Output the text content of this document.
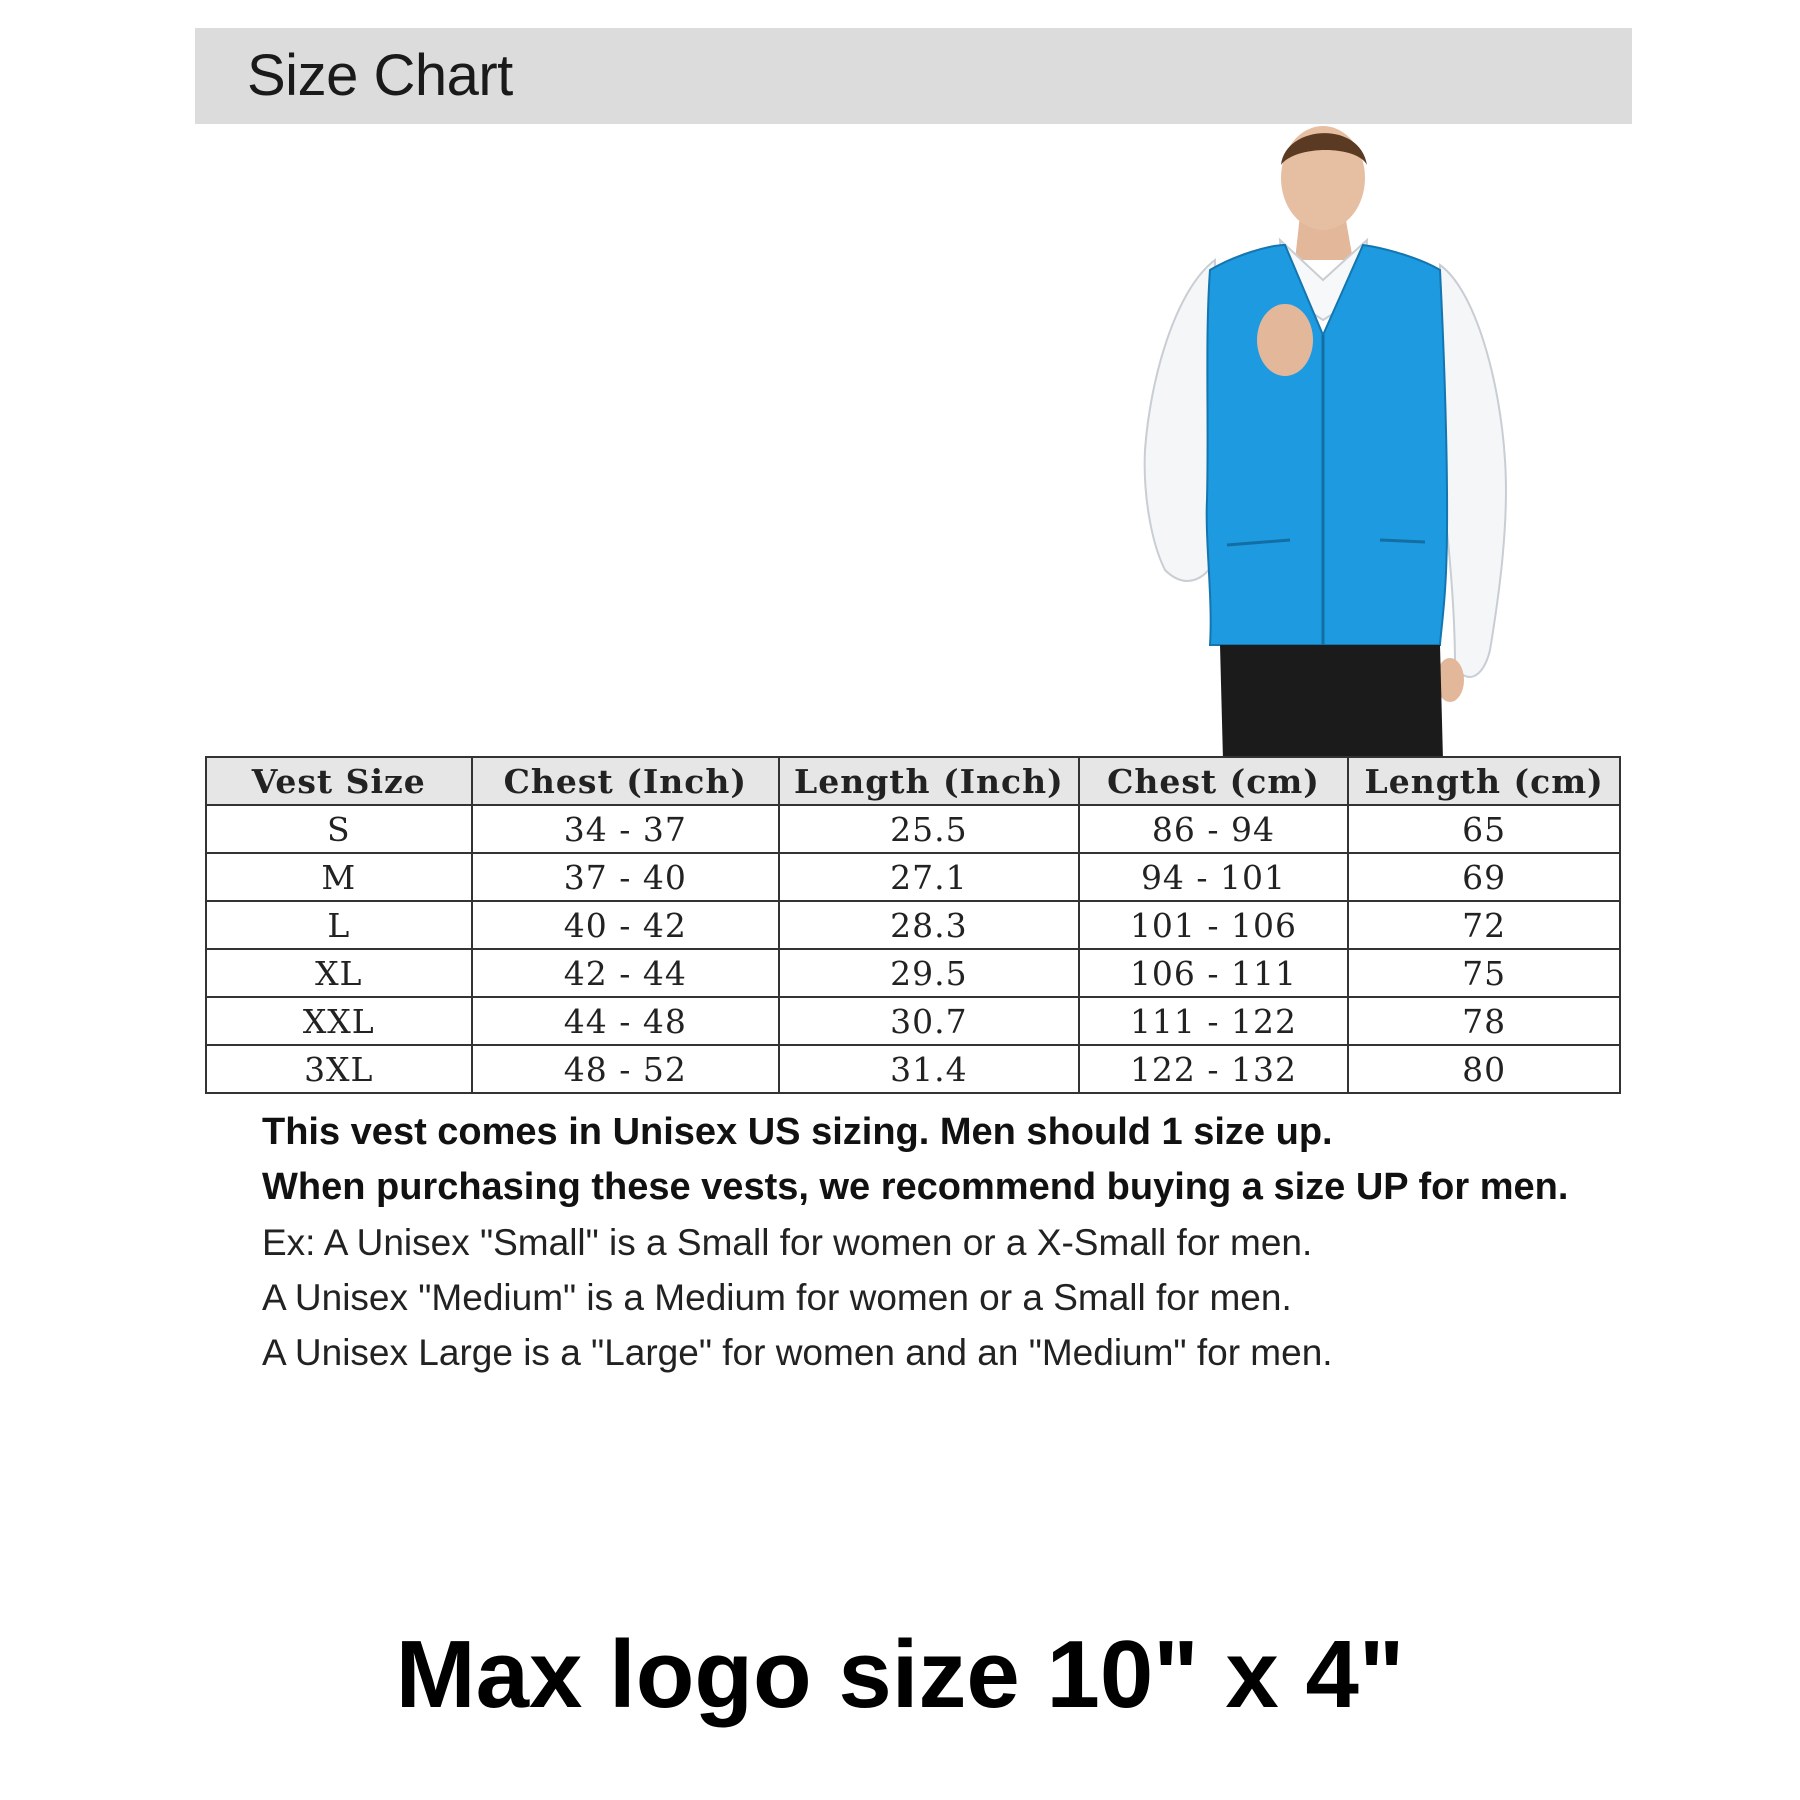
Size Chart
Vest Size	Chest (Inch)	Length (Inch)	Chest (cm)	Length (cm)
S	34 - 37	25.5	86 - 94	65
M	37 - 40	27.1	94 - 101	69
L	40 - 42	28.3	101 - 106	72
XL	42 - 44	29.5	106 - 111	75
XXL	44 - 48	30.7	111 - 122	78
3XL	48 - 52	31.4	122 - 132	80

This vest comes in Unisex US sizing. Men should 1 size up.

When purchasing these vests, we recommend buying a size UP for men.

Ex: A Unisex "Small" is a Small for women or a X-Small for men.

A Unisex "Medium" is a Medium for women or a Small for men.

A Unisex Large is a "Large" for women and an "Medium" for men.

Max logo size 10" x 4"
